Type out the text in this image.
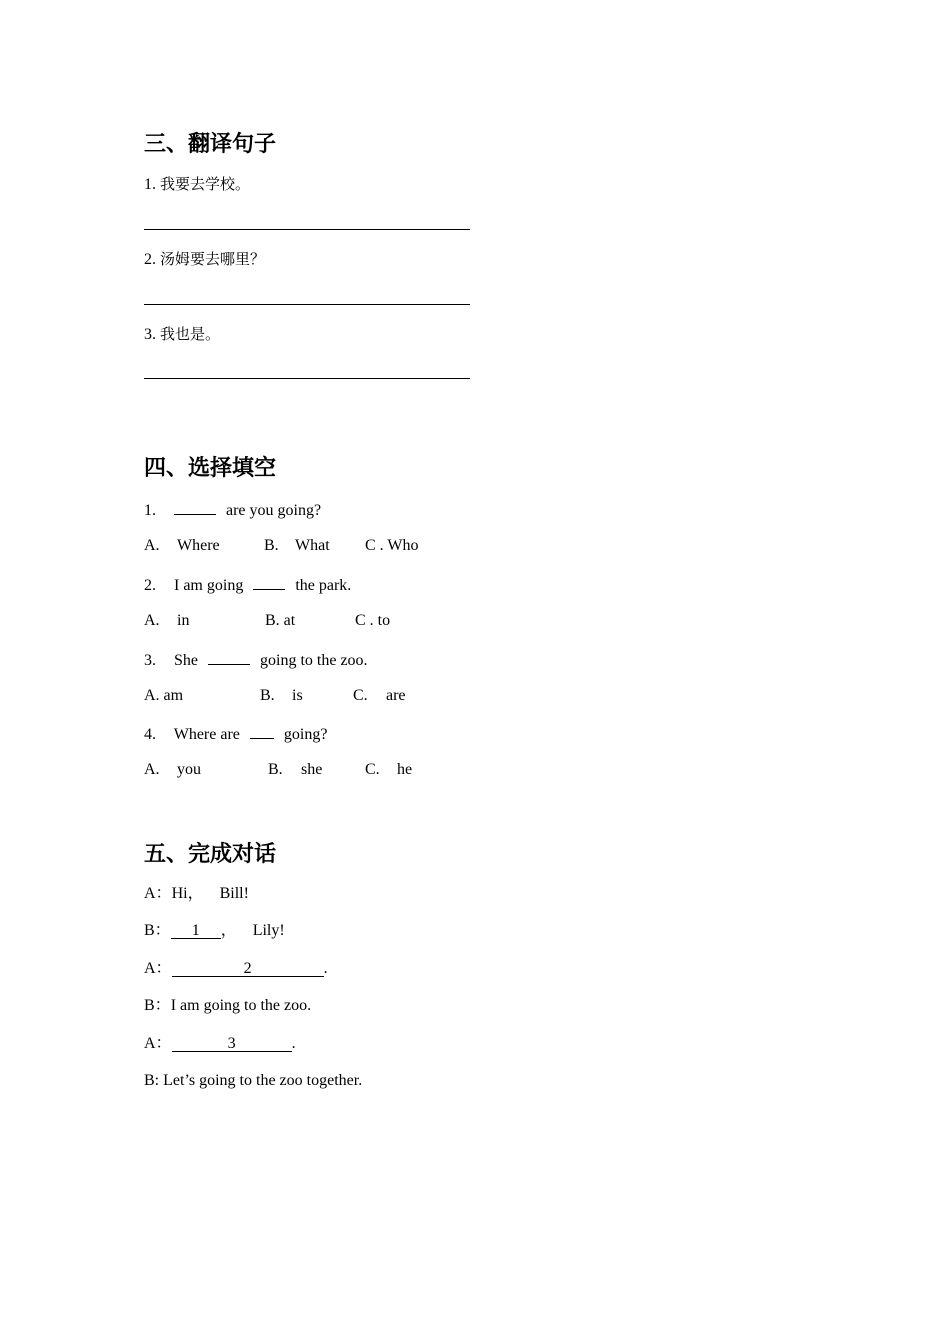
三、翻译句子
1. 我要去学校。
2. 汤姆要去哪里？
3. 我也是。
四、选择填空
1.	are you going?
A. Where	B. What C . Who
2. I am going	the park.
A. in	B. at	C . to
3. She	going to the zoo.
A. am	B. is	C. are
4. Where are	going?
A. you	B. she	C. he
五、完成对话
A：Hi， Bill!
B： 1 ， Lily!
A：	2	.
B：I am going to the zoo.
A：	3	.
B: Let’s going to the zoo together.
